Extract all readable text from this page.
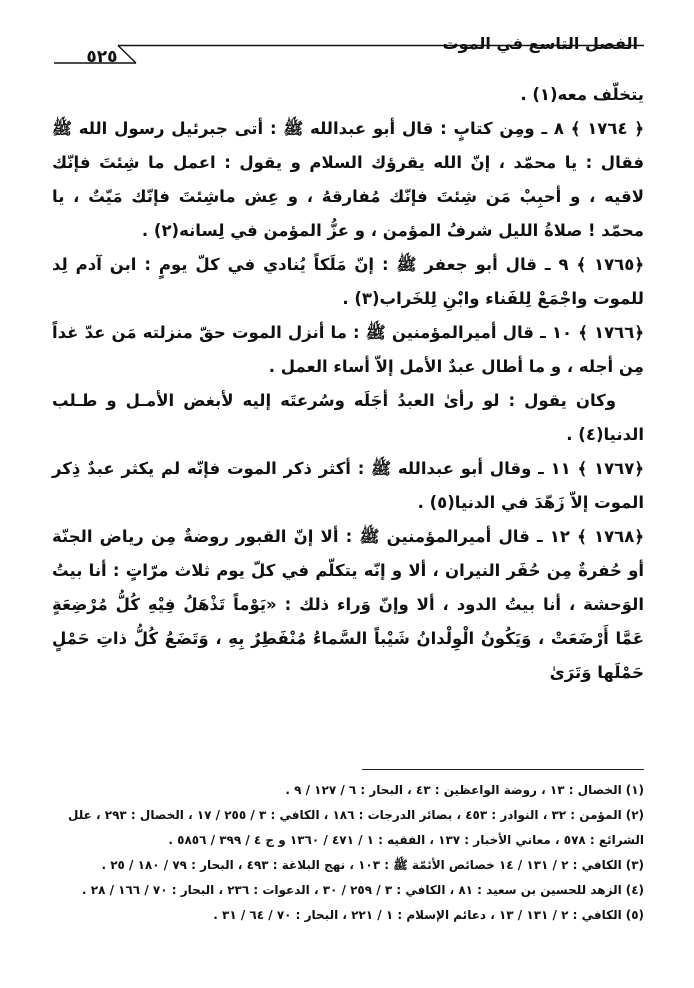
الفصل التاسع في الموت
٥٢٥

يتخلّف معه(١) .

﴿ ١٧٦٤ ﴾ ٨ ـ ومِن كتابٍ : قال أبو عبدالله ﷺ : أتى جبرئيل رسول الله ﷺ فقال : يا محمّد ، إنّ الله يقرؤك السلام و يقول : اعمل ما شِئتَ فإنّك لاقيه ، و أحبِبْ مَن شِئتَ فإنّك مُفارقهُ ، و عِش ماشِئتَ فإنّك مَيّتٌ ، يا محمّد ! صلاةُ الليل شرفُ المؤمن ، و عزُّ المؤمن في لِسانه(٢) .

﴿١٧٦٥ ﴾ ٩ ـ قال أبو جعفر ﷺ : إنّ مَلَكاً يُنادي في كلّ يومٍ : ابن آدم لِد للموت واجْمَعْ لِلفَناء وابْنِ لِلخَراب(٣) .

﴿١٧٦٦ ﴾ ١٠ ـ قال أميرالمؤمنين ﷺ : ما أنزل الموت حقّ منزلته مَن عدّ غداً مِن أجله ، و ما أطال عبدٌ الأمل إلاّ أساء العمل .

وكان يقول : لو رأىٰ العبدُ أجَلَه وسُرعتَه إليه لأبغض الأمـل و طـلب الدنيا(٤) .

﴿١٧٦٧ ﴾ ١١ ـ وقال أبو عبدالله ﷺ : أكثر ذكر الموت فإنّه لم يكثر عبدٌ ذِكر الموت إلاّ زَهّدَ في الدنيا(٥) .

﴿١٧٦٨ ﴾ ١٢ ـ قال أميرالمؤمنين ﷺ : ألا إنّ القبور روضةٌ مِن رياض الجنّة أو حُفرةٌ مِن حُفَر النيران ، ألا و إنّه يتكلّم في كلّ يوم ثلاث مرّاتٍ : أنا بيتُ الوَحشة ، أنا بيتُ الدود ، ألا وإنّ وَراء ذلك : «يَوْماً تَذْهَلُ فِيْهِ كُلُّ مُرْضِعَةٍ عَمَّا أَرْضَعَتْ ، وَيَكُونُ الْوِلْدانُ شَيْباً السَّماءُ مُنْفَطِرٌ بِهِ ، وَتَضَعُ كُلُّ ذاتِ حَمْلٍ حَمْلَها وَتَرَىٰ

(١)الخصال : ١٣ ، روضة الواعظين : ٤٣ ، البحار : ٦ / ١٢٧ / ٩ .

(٢)المؤمن : ٣٢ ، النوادر : ٤٥٣ ، بصائر الدرجات : ١٨٦ ، الكافي : ٣ / ٢٥٥ / ١٧ ، الخصال : ٢٩٣ ، علل الشرائع : ٥٧٨ ، معاني الأخبار : ١٣٧ ، الفقيه : ١ / ٤٧١ / ١٣٦٠ و ج ٤ / ٣٩٩ / ٥٨٥٦ .

(٣)الكافي : ٢ / ١٣١ / ١٤ خصائص الأئمّة ﷺ : ١٠٣ ، نهج البلاغة : ٤٩٣ ، البحار : ٧٩ / ١٨٠ / ٢٥ .

(٤)الزهد للحسين بن سعيد : ٨١ ، الكافي : ٣ / ٢٥٩ / ٣٠ ، الدعوات : ٢٣٦ ، البحار : ٧٠ / ١٦٦ / ٢٨ .

(٥)الكافي : ٢ / ١٣١ / ١٣ ، دعائم الإسلام : ١ / ٢٢١ ، البحار : ٧٠ / ٦٤ / ٣١ .
